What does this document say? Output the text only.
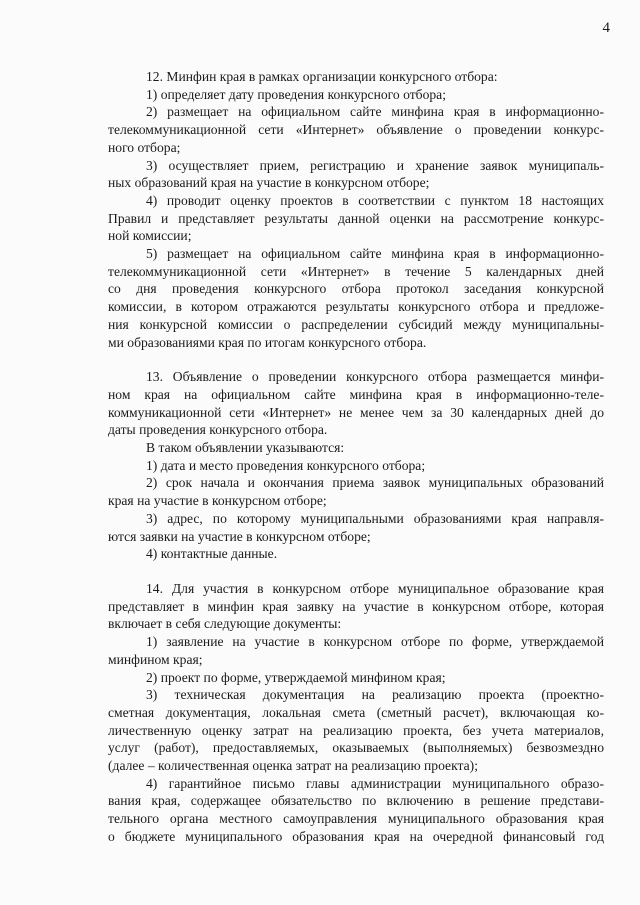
4
12. Минфин края в рамках организации конкурсного отбора:
1) определяет дату проведения конкурсного отбора;
2) размещает на официальном сайте минфина края в информационно-
телекоммуникационной сети «Интернет» объявление о проведении конкурс-
ного отбора;
3) осуществляет прием, регистрацию и хранение заявок муниципаль-
ных образований края на участие в конкурсном отборе;
4) проводит оценку проектов в соответствии с пунктом 18 настоящих
Правил и представляет результаты данной оценки на рассмотрение конкурс-
ной комиссии;
5) размещает на официальном сайте минфина края в информационно-
телекоммуникационной сети «Интернет» в течение 5 календарных дней
со дня проведения конкурсного отбора протокол заседания конкурсной
комиссии, в котором отражаются результаты конкурсного отбора и предложе-
ния конкурсной комиссии о распределении субсидий между муниципальны-
ми образованиями края по итогам конкурсного отбора.
13. Объявление о проведении конкурсного отбора размещается минфи-
ном края на официальном сайте минфина края в информационно-теле-
коммуникационной сети «Интернет» не менее чем за 30 календарных дней до
даты проведения конкурсного отбора.
В таком объявлении указываются:
1) дата и место проведения конкурсного отбора;
2) срок начала и окончания приема заявок муниципальных образований
края на участие в конкурсном отборе;
3) адрес, по которому муниципальными образованиями края направля-
ются заявки на участие в конкурсном отборе;
4) контактные данные.
14. Для участия в конкурсном отборе муниципальное образование края
представляет в минфин края заявку на участие в конкурсном отборе, которая
включает в себя следующие документы:
1) заявление на участие в конкурсном отборе по форме, утверждаемой
минфином края;
2) проект по форме, утверждаемой минфином края;
3) техническая документация на реализацию проекта (проектно-
сметная документация, локальная смета (сметный расчет), включающая ко-
личественную оценку затрат на реализацию проекта, без учета материалов,
услуг (работ), предоставляемых, оказываемых (выполняемых) безвозмездно
(далее – количественная оценка затрат на реализацию проекта);
4) гарантийное письмо главы администрации муниципального образо-
вания края, содержащее обязательство по включению в решение представи-
тельного органа местного самоуправления муниципального образования края
о бюджете муниципального образования края на очередной финансовый год
